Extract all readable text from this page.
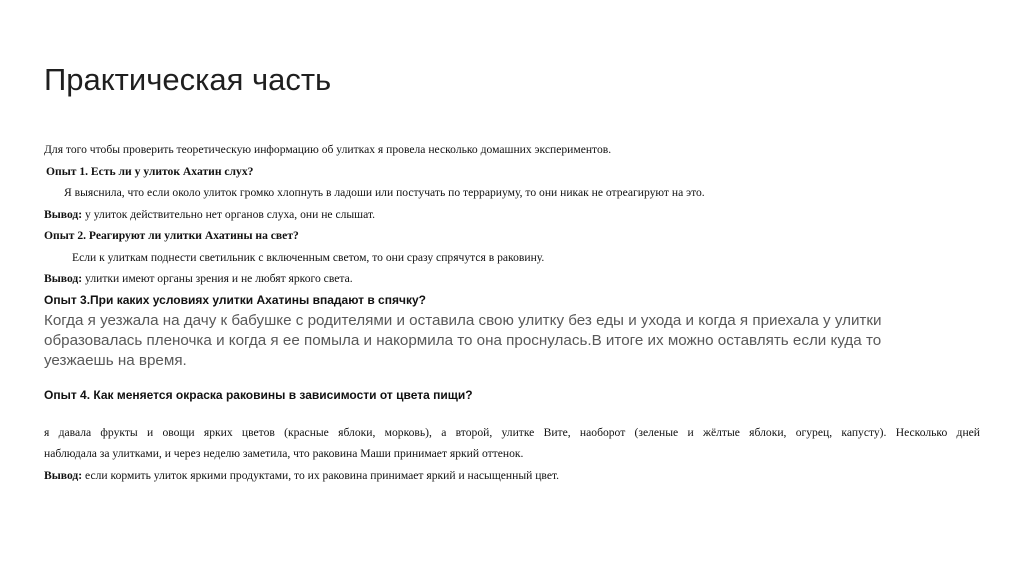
Практическая часть

Для того чтобы проверить теоретическую информацию об улитках я провела несколько домашних экспериментов.

Опыт 1. Есть ли у улиток Ахатин слух?

Я выяснила, что если около улиток громко хлопнуть в ладоши или постучать по террариуму, то они никак не отреагируют на это.

Вывод: у улиток действительно нет органов слуха, они не слышат.

Опыт 2. Реагируют ли улитки Ахатины на свет?

Если к улиткам поднести светильник с включенным светом, то они сразу спрячутся в раковину.

Вывод: улитки имеют органы зрения и не любят яркого света.

Опыт 3.При каких условиях улитки Ахатины впадают в спячку?

Когда я уезжала на дачу к бабушке с родителями и оставила свою улитку без еды и ухода и когда я приехала у улитки

образовалась пленочка и когда я ее помыла и накормила то она проснулась.В итоге их можно оставлять если куда то

уезжаешь на время.

Опыт 4. Как меняется окраска раковины в зависимости от цвета пищи?

я давала фрукты и овощи ярких цветов (красные яблоки, морковь), а второй, улитке Вите, наоборот (зеленые и жёлтые яблоки, огурец, капусту). Несколько дней

наблюдала за улитками, и через неделю заметила, что раковина Маши принимает яркий оттенок.

Вывод: если кормить улиток яркими продуктами, то их раковина принимает яркий и насыщенный цвет.
